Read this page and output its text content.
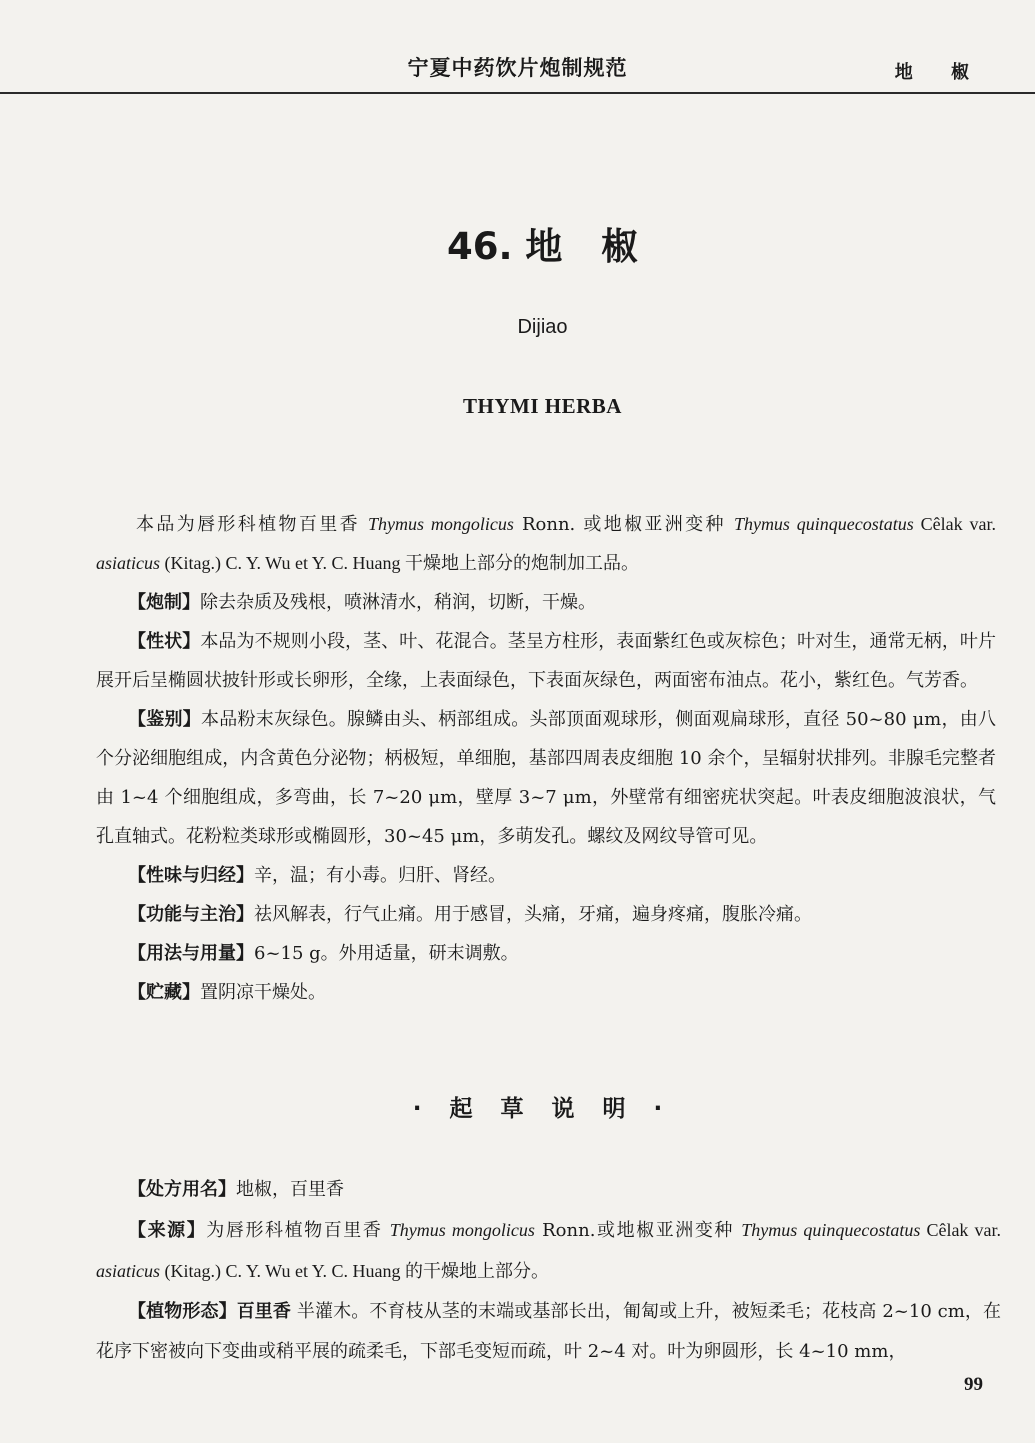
宁夏中药饮片炮制规范	地 椒
46. 地   椒
Dijiao
THYMI HERBA

本品为唇形科植物百里香 Thymus mongolicus Ronn. 或地椒亚洲变种 Thymus quinquecostatus Cêlak var. asiaticus (Kitag.) C. Y. Wu et Y. C. Huang 干燥地上部分的炮制加工品。

【炮制】除去杂质及残根，喷淋清水，稍润，切断，干燥。

【性状】本品为不规则小段，茎、叶、花混合。茎呈方柱形，表面紫红色或灰棕色；叶对生，通常无柄，叶片展开后呈椭圆状披针形或长卵形，全缘，上表面绿色，下表面灰绿色，两面密布油点。花小，紫红色。气芳香。

【鉴别】本品粉末灰绿色。腺鳞由头、柄部组成。头部顶面观球形，侧面观扁球形，直径 50~80 μm，由八个分泌细胞组成，内含黄色分泌物；柄极短，单细胞，基部四周表皮细胞 10 余个，呈辐射状排列。非腺毛完整者由 1~4 个细胞组成，多弯曲，长 7~20 μm，壁厚 3~7 μm，外壁常有细密疣状突起。叶表皮细胞波浪状，气孔直轴式。花粉粒类球形或椭圆形，30~45 μm，多萌发孔。螺纹及网纹导管可见。

【性味与归经】辛，温；有小毒。归肝、肾经。

【功能与主治】祛风解表，行气止痛。用于感冒，头痛，牙痛，遍身疼痛，腹胀冷痛。

【用法与用量】6~15 g。外用适量，研末调敷。

【贮藏】置阴凉干燥处。

· 起 草 说 明 ·

【处方用名】地椒，百里香

【来源】为唇形科植物百里香 Thymus mongolicus Ronn.或地椒亚洲变种 Thymus quinquecostatus Cêlak var. asiaticus (Kitag.) C. Y. Wu et Y. C. Huang 的干燥地上部分。

【植物形态】百里香 半灌木。不育枝从茎的末端或基部长出，匍匐或上升，被短柔毛；花枝高 2~10 cm，在花序下密被向下变曲或稍平展的疏柔毛，下部毛变短而疏，叶 2~4 对。叶为卵圆形，长 4~10 mm，

99
